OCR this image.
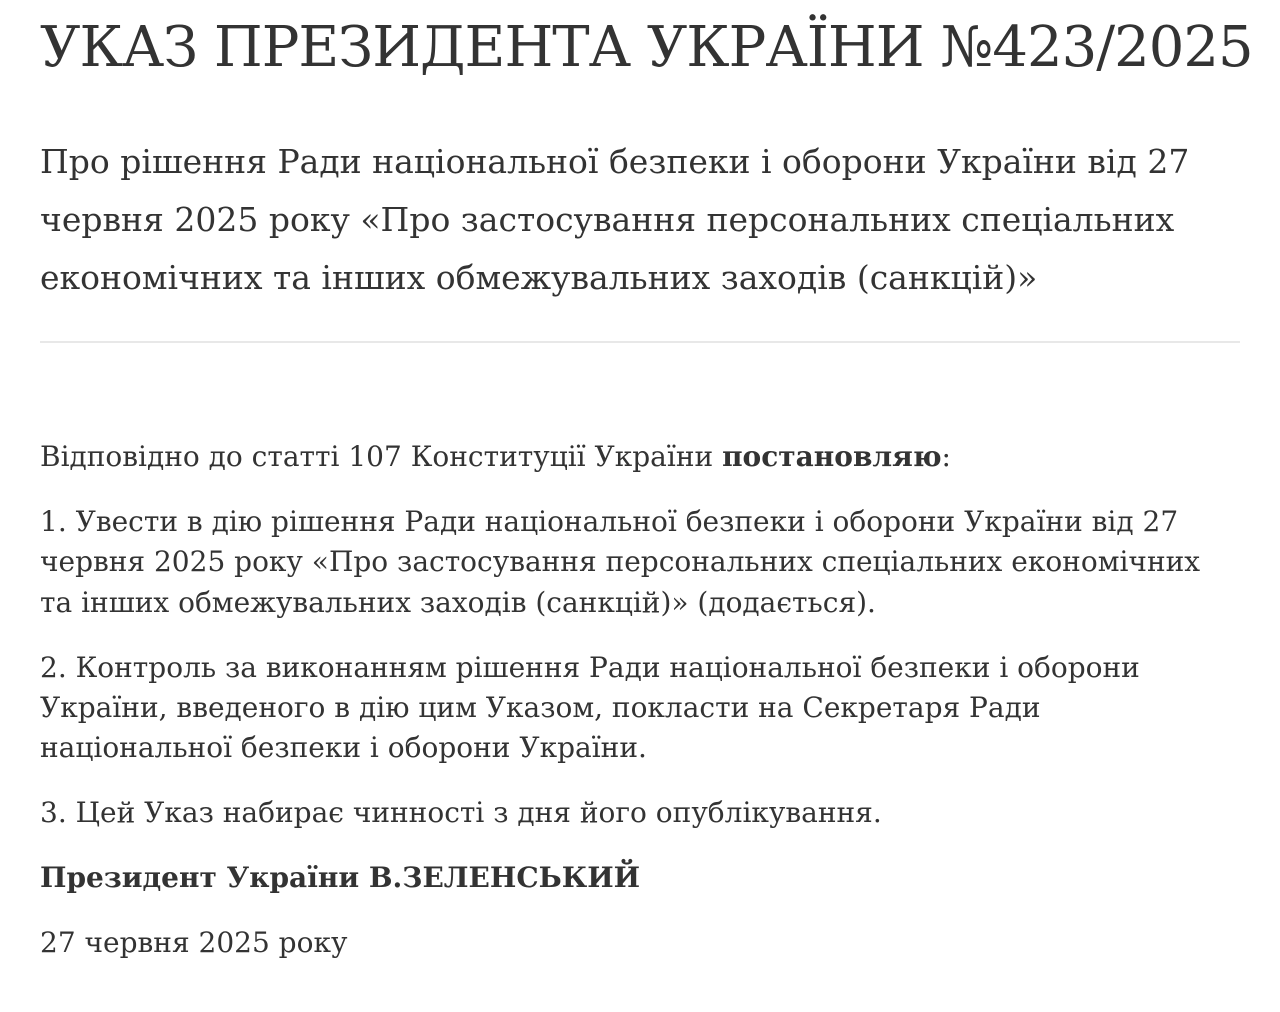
УКАЗ ПРЕЗИДЕНТА УКРАЇНИ №423/2025
Про рішення Ради національної безпеки і оборони України від 27 червня 2025 року «Про застосування персональних спеціальних економічних та інших обмежувальних заходів (санкцій)»

Відповідно до статті 107 Конституції України постановляю:

1. Увести в дію рішення Ради національної безпеки і оборони України від 27 червня 2025 року «Про застосування персональних спеціальних економічних та інших обмежувальних заходів (санкцій)» (додається).

2. Контроль за виконанням рішення Ради національної безпеки і оборони України, введеного в дію цим Указом, покласти на Секретаря Ради національної безпеки і оборони України.

3. Цей Указ набирає чинності з дня його опублікування.

Президент України В.ЗЕЛЕНСЬКИЙ

27 червня 2025 року
